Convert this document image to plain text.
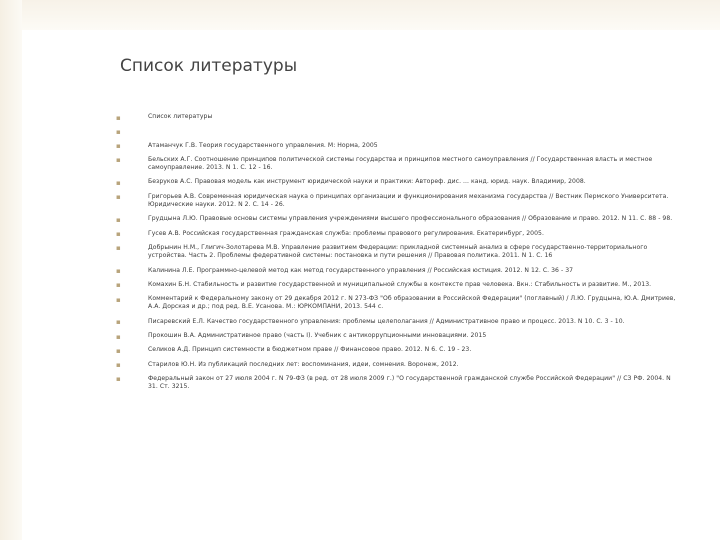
Список литературы
▪	Список литературы
▪
▪	Атаманчук Г.В. Теория государственного управления. М: Норма, 2005
▪	Бельских А.Г. Соотношение принципов политической системы государства и принципов местного самоуправления // Государственная власть и местное самоуправление. 2013. N 1. С. 12 - 16.
▪	Безруков А.С. Правовая модель как инструмент юридической науки и практики: Автореф. дис. ... канд. юрид. наук. Владимир, 2008.
▪	Григорьев А.В. Современная юридическая наука о принципах организации и функционирования механизма государства // Вестник Пермского Университета. Юридические науки. 2012. N 2. С. 14 - 26.
▪	Грудцына Л.Ю. Правовые основы системы управления учреждениями высшего профессионального образования // Образование и право. 2012. N 11. С. 88 - 98.
▪	Гусев А.В. Российская государственная гражданская служба: проблемы правового регулирования. Екатеринбург, 2005.
▪	Добрынин Н.М., Глигич-Золотарева М.В. Управление развитием Федерации: прикладной системный анализ в сфере государственно-территориального устройства. Часть 2. Проблемы федеративной системы: постановка и пути решения // Правовая политика. 2011. N 1. С. 16
▪	Калинина Л.Е. Программно-целевой метод как метод государственного управления // Российская юстиция. 2012. N 12. С. 36 - 37
▪	Комахин Б.Н. Стабильность и развитие государственной и муниципальной службы в контексте прав человека. Вкн.: Стабильность и развитие. М., 2013.
▪	Комментарий к Федеральному закону от 29 декабря 2012 г. N 273-ФЗ "Об образовании в Российской Федерации" (поглавный) / Л.Ю. Грудцына, Ю.А. Дмитриев, А.А. Дорская и др.; под ред. В.Е. Усанова. М.: ЮРКОМПАНИ, 2013. 544 с.
▪	Писаревский Е.Л. Качество государственного управления: проблемы целеполагания // Административное право и процесс. 2013. N 10. С. 3 - 10.
▪	Прокошин В.А. Административное право (часть I). Учебник с антикоррупционными инновациями. 2015
▪	Селиков А.Д. Принцип системности в бюджетном праве // Финансовое право. 2012. N 6. С. 19 - 23.
▪	Старилов Ю.Н. Из публикаций последних лет: воспоминания, идеи, сомнения. Воронеж, 2012.
▪	Федеральный закон от 27 июля 2004 г. N 79-ФЗ (в ред. от 28 июля 2009 г.) "О государственной гражданской службе Российской Федерации" // СЗ РФ. 2004. N 31. Ст. 3215.
